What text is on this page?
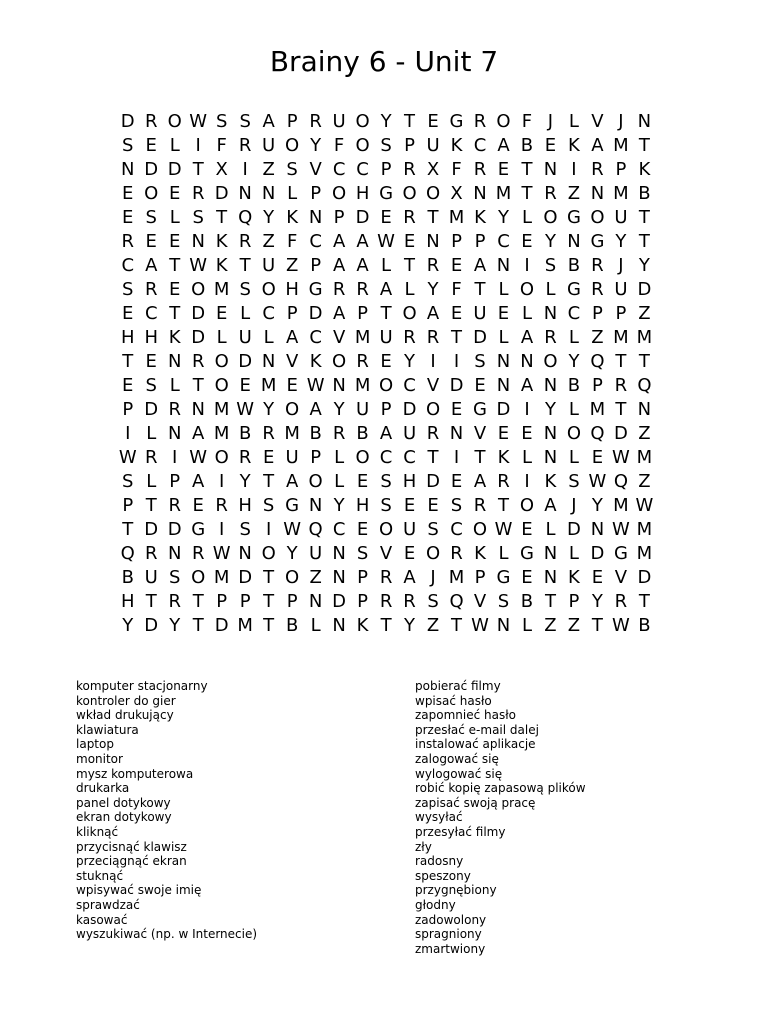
Brainy 6 - Unit 7
D R O W S S A P R U O Y T E G R O F J L V J N
S E L I F R U O Y F O S P U K C A B E K A M T
N D D T X I Z S V C C P R X F R E T N I R P K
E O E R D N N L P O H G O O X N M T R Z N M B
E S L S T Q Y K N P D E R T M K Y L O G O U T
R E E N K R Z F C A A W E N P P C E Y N G Y T
C A T W K T U Z P A A L T R E A N I S B R J Y
S R E O M S O H G R R A L Y F T L O L G R U D
E C T D E L C P D A P T O A E U E L N C P P Z
H H K D L U L A C V M U R R T D L A R L Z M M
T E N R O D N V K O R E Y I	I S N N O Y Q T T
E S L T O E M E W N M O C V D E N A N B P R Q
P D R N M W Y O A Y U P D O E G D I Y L M T N
I L N A M B R M B R B A U R N V E E N O Q D Z
W R I W O R E U P L O C C T I T K L N L E W M
S L P A I Y T A O L E S H D E A R I K S W Q Z
P T R E R H S G N Y H S E E S R T O A J Y M W
T D D G I S I W Q C E O U S C O W E L D N W M
Q R N R W N O Y U N S V E O R K L G N L D G M
B U S O M D T O Z N P R A J M P G E N K E V D
H T R T P P T P N D P R R S Q V S B T P Y R T
Y D Y T D M T B L N K T Y Z T W N L Z Z T W B
komputer stacjonarny
kontroler do gier
wkład drukujący
klawiatura
laptop
monitor
mysz komputerowa
drukarka
panel dotykowy
ekran dotykowy
kliknąć
przycisnąć klawisz
przeciągnąć ekran
stuknąć
wpisywać swoje imię
sprawdzać
kasować
wyszukiwać (np. w Internecie)
pobierać filmy
wpisać hasło
zapomnieć hasło
przesłać e-mail dalej
instalować aplikacje
zalogować się
wylogować się
robić kopię zapasową plików
zapisać swoją pracę
wysyłać
przesyłać filmy
zły
radosny
speszony
przygnębiony
głodny
zadowolony
spragniony
zmartwiony
